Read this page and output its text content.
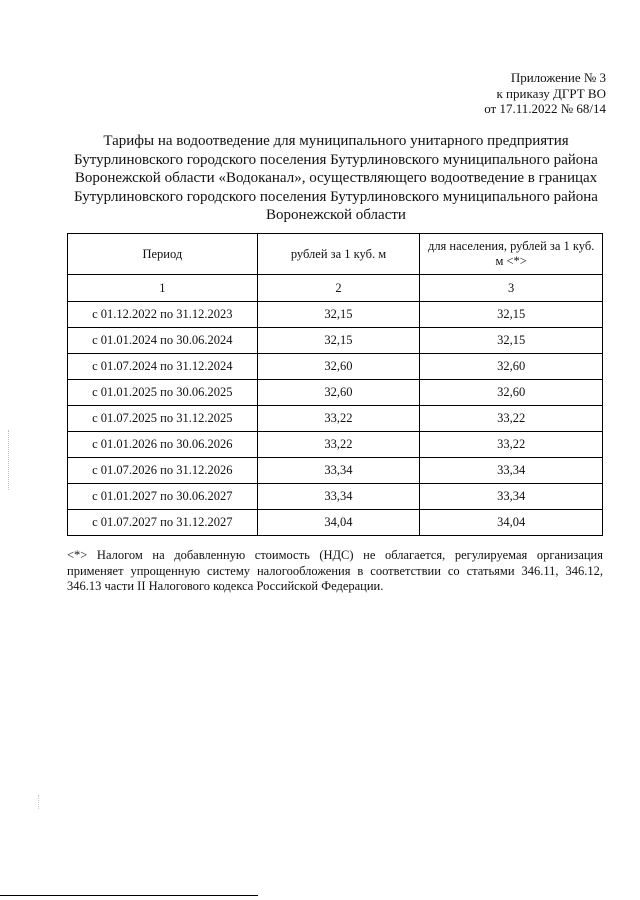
Приложение № 3
к приказу ДГРТ ВО
от 17.11.2022 № 68/14
Тарифы на водоотведение для муниципального унитарного предприятия
Бутурлиновского городского поселения Бутурлиновского муниципального района
Воронежской области «Водоканал», осуществляющего водоотведение в границах
Бутурлиновского городского поселения Бутурлиновского муниципального района
Воронежской области
Период	рублей за 1 куб. м	для населения, рублей за 1 куб. м <*>
1	2	3
с 01.12.2022 по 31.12.2023	32,15	32,15
с 01.01.2024 по 30.06.2024	32,15	32,15
с 01.07.2024 по 31.12.2024	32,60	32,60
с 01.01.2025 по 30.06.2025	32,60	32,60
с 01.07.2025 по 31.12.2025	33,22	33,22
с 01.01.2026 по 30.06.2026	33,22	33,22
с 01.07.2026 по 31.12.2026	33,34	33,34
с 01.01.2027 по 30.06.2027	33,34	33,34
с 01.07.2027 по 31.12.2027	34,04	34,04
<*> Налогом на добавленную стоимость (НДС) не облагается, регулируемая организация применяет упрощенную систему налогообложения в соответствии со статьями 346.11, 346.12, 346.13 части II Налогового кодекса Российской Федерации.
